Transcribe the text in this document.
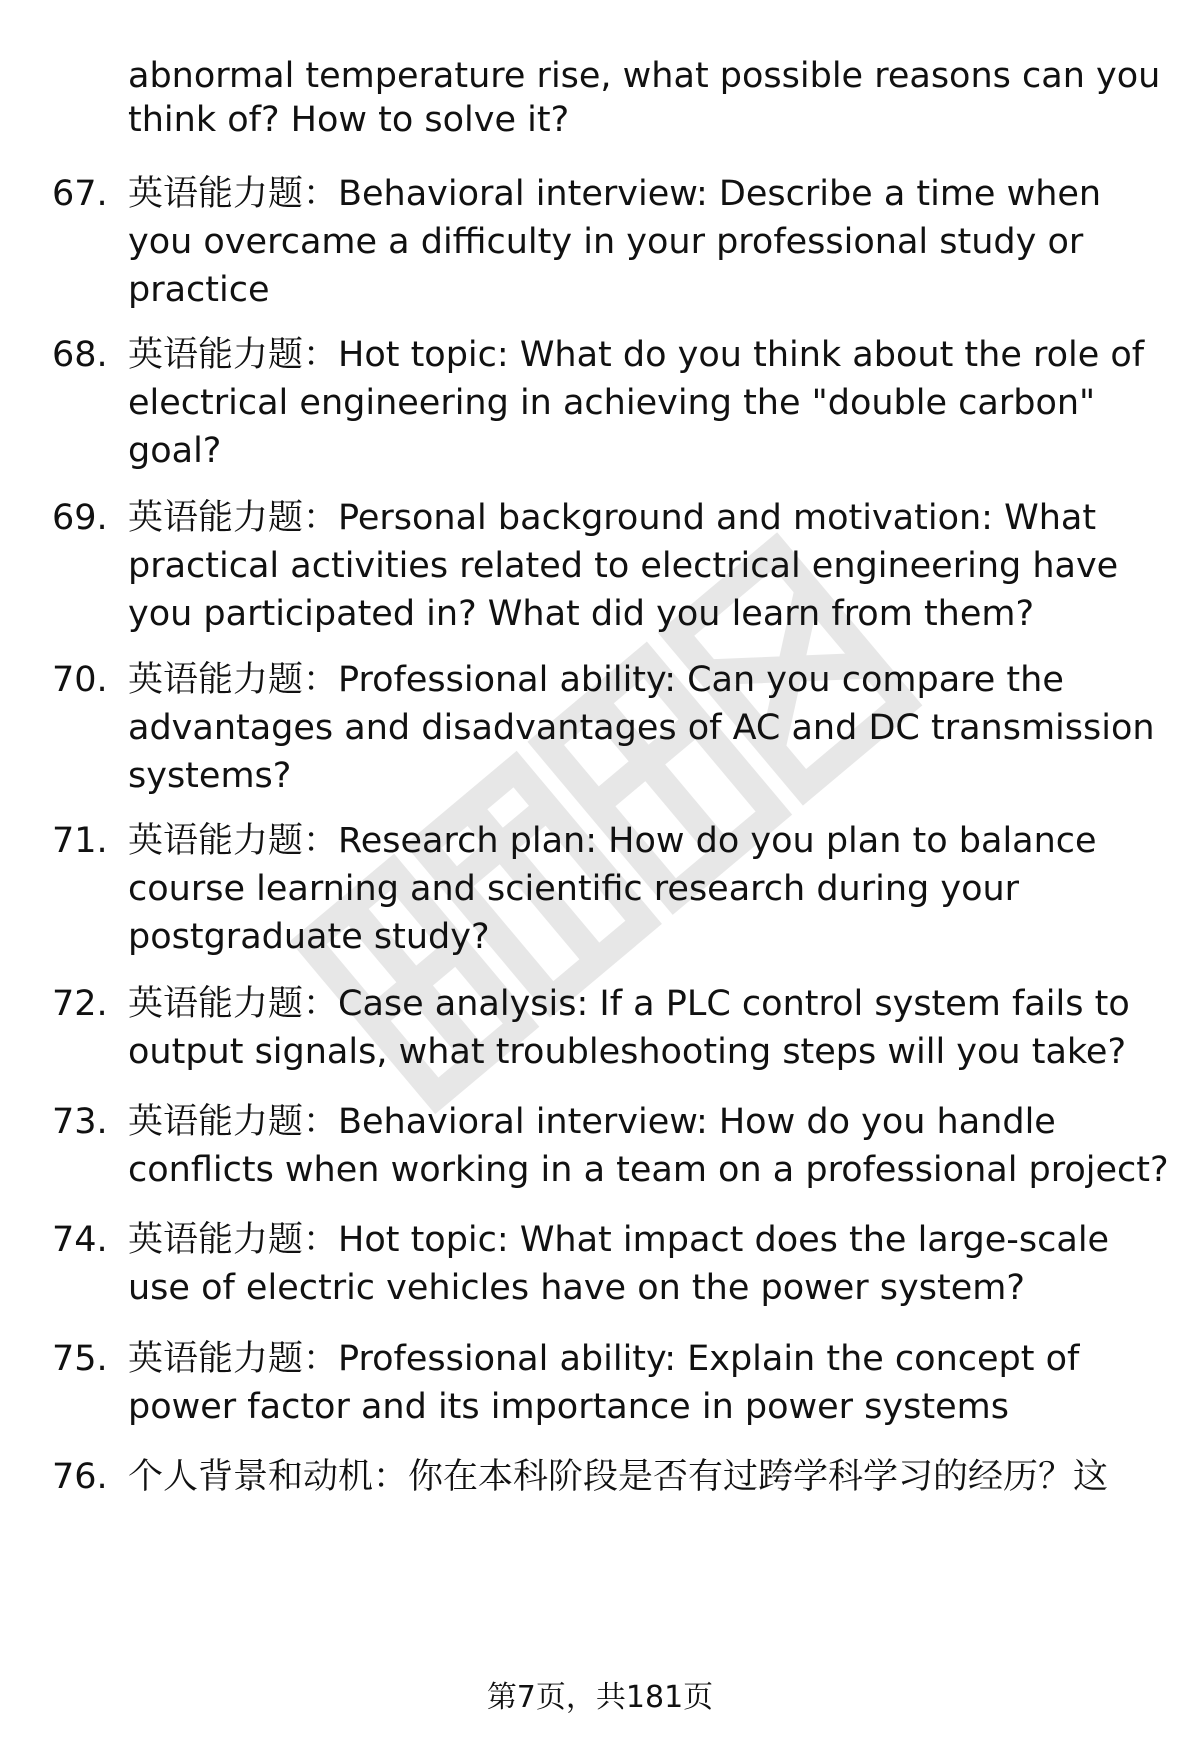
abnormal temperature rise, what possible reasons can you
think of? How to solve it?
67. 英语能力题：Behavioral interview: Describe a time when
you overcame a difficulty in your professional study or
practice
68. 英语能力题：Hot topic: What do you think about the role of
electrical engineering in achieving the "double carbon"
goal?
69. 英语能力题：Personal background and motivation: What
practical activities related to electrical engineering have
you participated in? What did you learn from them?
70. 英语能力题：Professional ability: Can you compare the
advantages and disadvantages of AC and DC transmission
systems?
71. 英语能力题：Research plan: How do you plan to balance
course learning and scientific research during your
postgraduate study?
72. 英语能力题：Case analysis: If a PLC control system fails to
output signals, what troubleshooting steps will you take?
73. 英语能力题：Behavioral interview: How do you handle
conflicts when working in a team on a professional project?
74. 英语能力题：Hot topic: What impact does the large-scale
use of electric vehicles have on the power system?
75. 英语能力题：Professional ability: Explain the concept of
power factor and its importance in power systems
76. 个人背景和动机：你在本科阶段是否有过跨学科学习的经历？这
第7页，共181页
